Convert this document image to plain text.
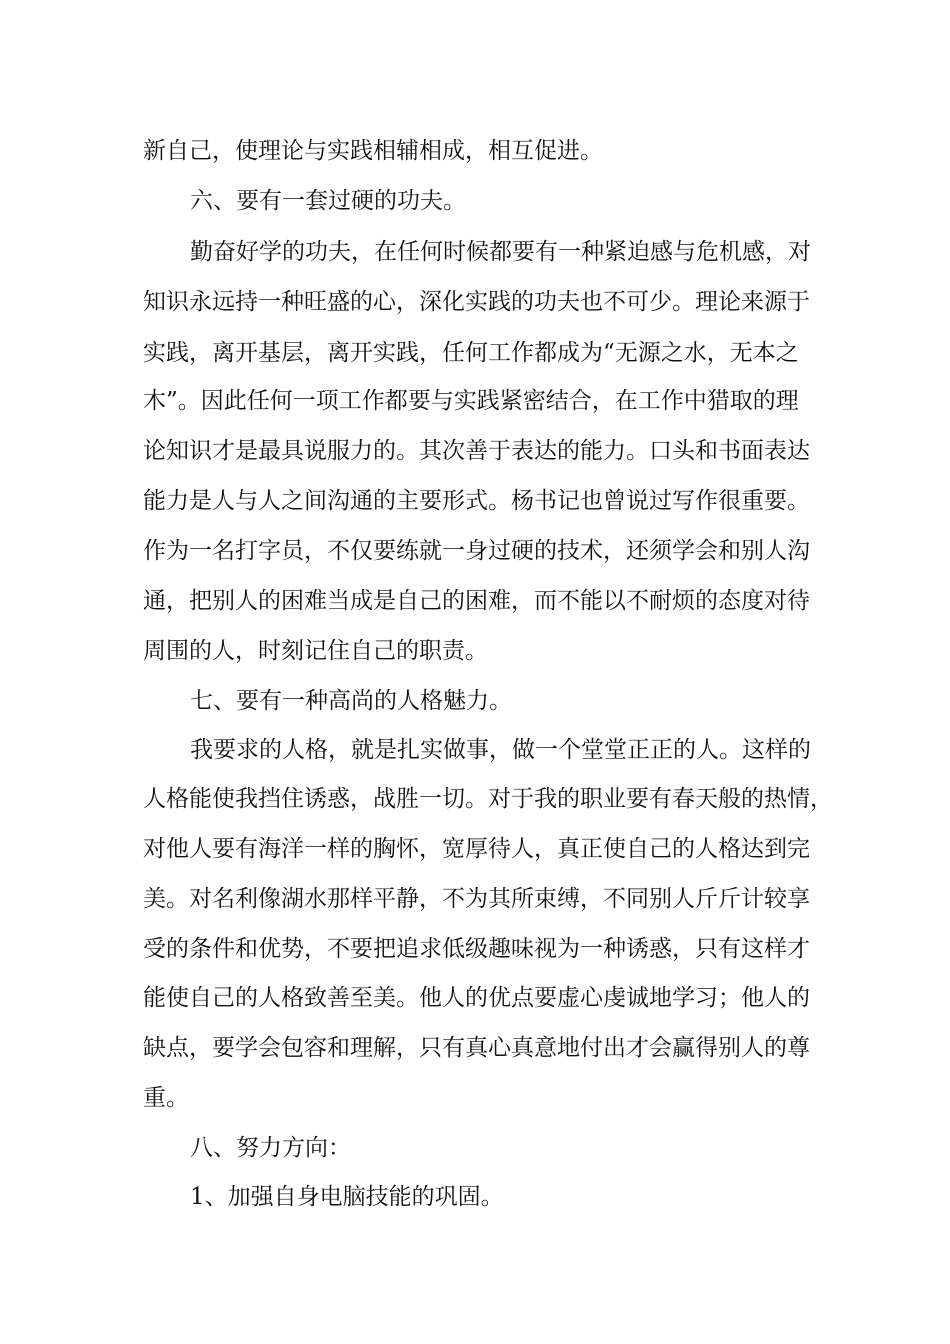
新自己，使理论与实践相辅相成，相互促进。
六、要有一套过硬的功夫。
勤奋好学的功夫，在任何时候都要有一种紧迫感与危机感，对
知识永远持一种旺盛的心，深化实践的功夫也不可少。理论来源于
实践，离开基层，离开实践，任何工作都成为“无源之水，无本之
木”。因此任何一项工作都要与实践紧密结合，在工作中猎取的理
论知识才是最具说服力的。其次善于表达的能力。口头和书面表达
能力是人与人之间沟通的主要形式。杨书记也曾说过写作很重要。
作为一名打字员，不仅要练就一身过硬的技术，还须学会和别人沟
通，把别人的困难当成是自己的困难，而不能以不耐烦的态度对待
周围的人，时刻记住自己的职责。
七、要有一种高尚的人格魅力。
我要求的人格，就是扎实做事，做一个堂堂正正的人。这样的
人格能使我挡住诱惑，战胜一切。对于我的职业要有春天般的热情，
对他人要有海洋一样的胸怀，宽厚待人，真正使自己的人格达到完
美。对名利像湖水那样平静，不为其所束缚，不同别人斤斤计较享
受的条件和优势，不要把追求低级趣味视为一种诱惑，只有这样才
能使自己的人格致善至美。他人的优点要虚心虔诚地学习；他人的
缺点，要学会包容和理解，只有真心真意地付出才会赢得别人的尊
重。
八、努力方向：
1、加强自身电脑技能的巩固。
